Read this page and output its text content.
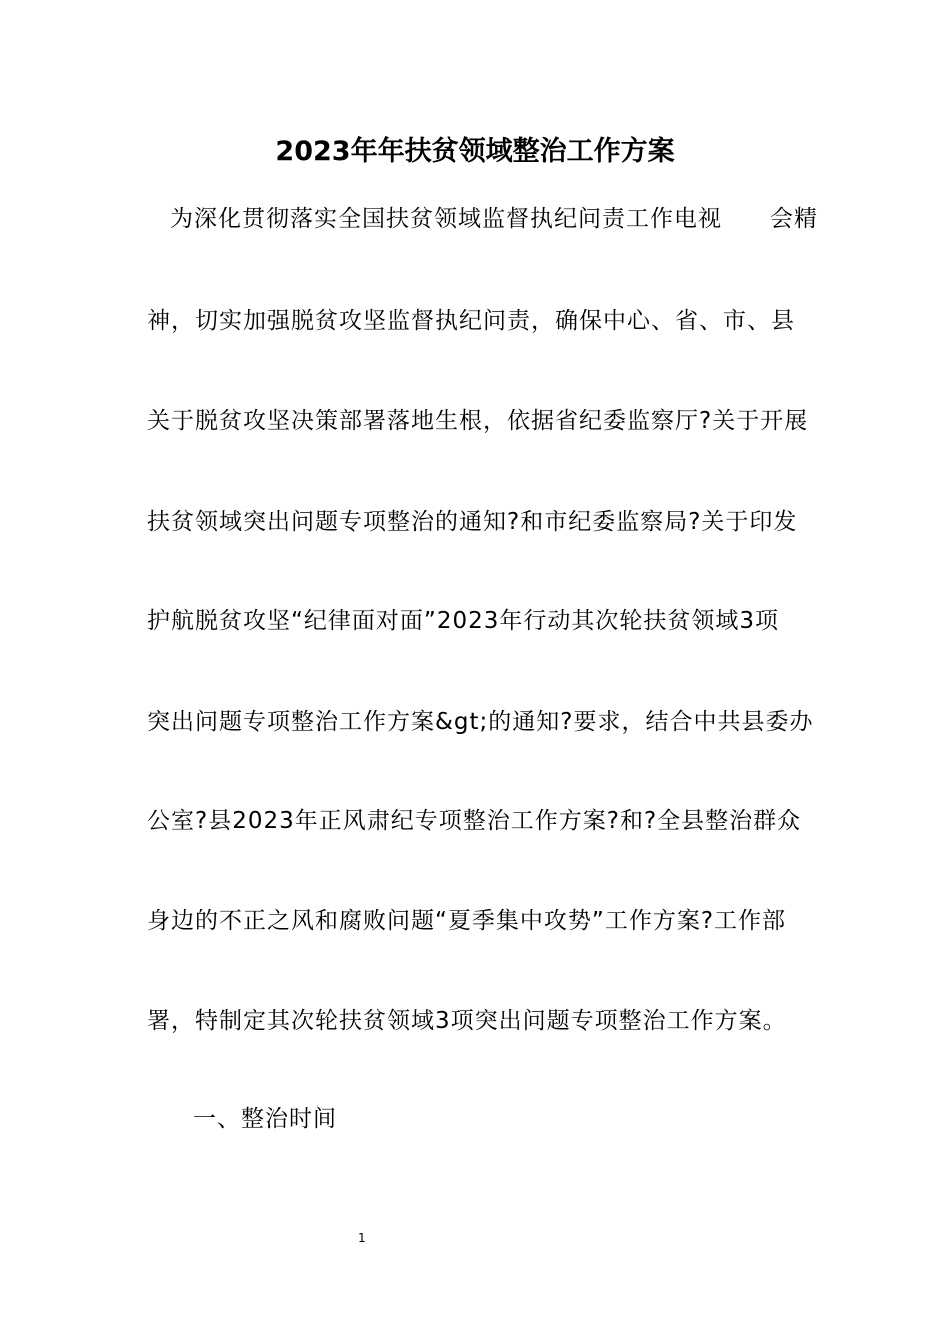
2023年年扶贫领域整治工作方案
为深化贯彻落实全国扶贫领域监督执纪问责工作电视　　会精
神，切实加强脱贫攻坚监督执纪问责，确保中心、省、市、县
关于脱贫攻坚决策部署落地生根，依据省纪委监察厅?关于开展
扶贫领域突出问题专项整治的通知?和市纪委监察局?关于印发
护航脱贫攻坚“纪律面对面”2023年行动其次轮扶贫领域3项
突出问题专项整治工作方案&gt;的通知?要求，结合中共县委办
公室?县2023年正风肃纪专项整治工作方案?和?全县整治群众
身边的不正之风和腐败问题“夏季集中攻势”工作方案?工作部
署，特制定其次轮扶贫领域3项突出问题专项整治工作方案。
一、整治时间
1
